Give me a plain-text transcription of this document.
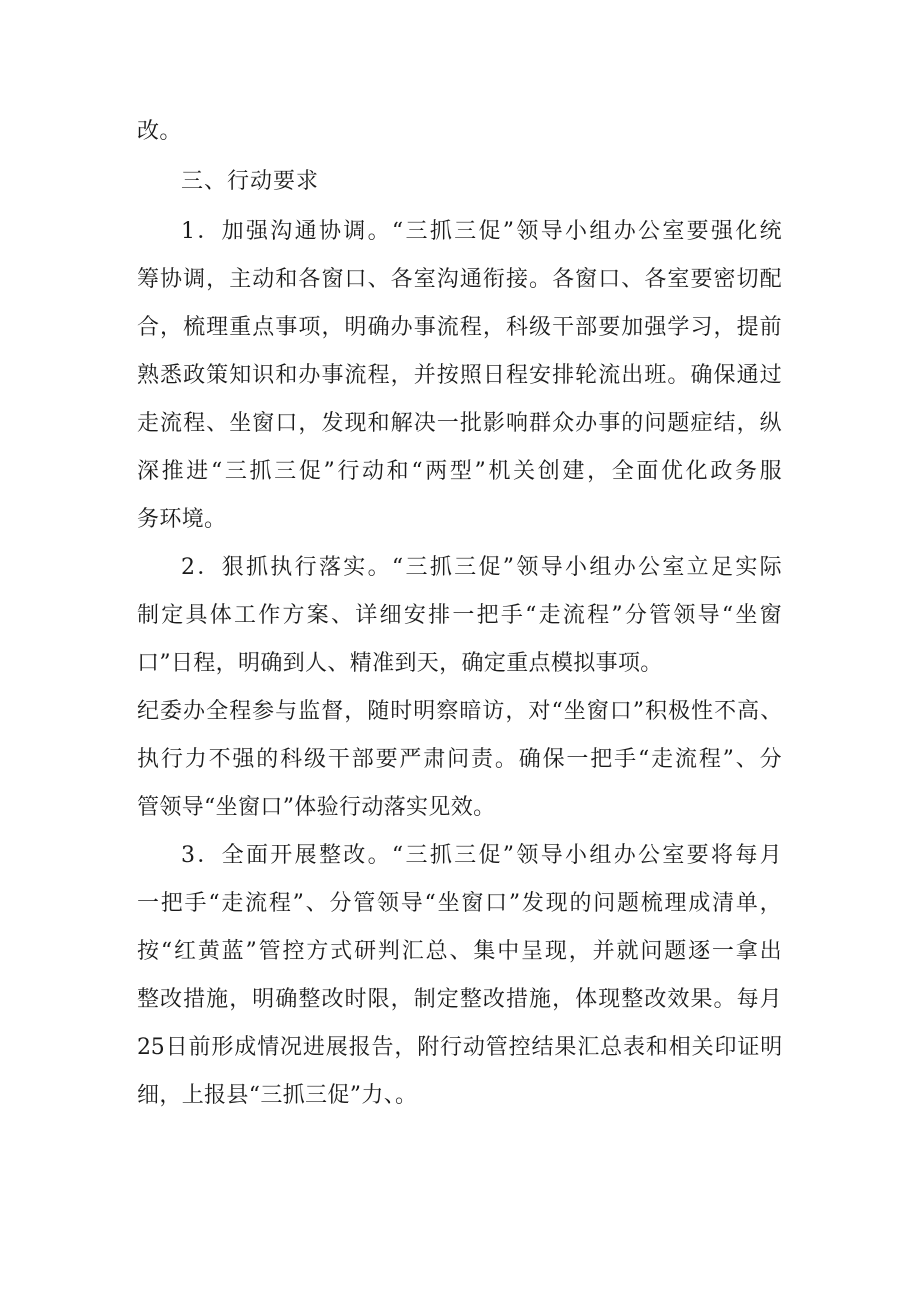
改。
三、行动要求
1．加强沟通协调。“三抓三促”领导小组办公室要强化统
筹协调，主动和各窗口、各室沟通衔接。各窗口、各室要密切配
合，梳理重点事项，明确办事流程，科级干部要加强学习，提前
熟悉政策知识和办事流程，并按照日程安排轮流出班。确保通过
走流程、坐窗口，发现和解决一批影响群众办事的问题症结，纵
深推进“三抓三促”行动和“两型”机关创建，全面优化政务服
务环境。
2．狠抓执行落实。“三抓三促”领导小组办公室立足实际
制定具体工作方案、详细安排一把手“走流程”分管领导“坐窗
口”日程，明确到人、精准到天，确定重点模拟事项。
纪委办全程参与监督，随时明察暗访，对“坐窗口”积极性不高、
执行力不强的科级干部要严肃问责。确保一把手“走流程”、分
管领导“坐窗口”体验行动落实见效。
3．全面开展整改。“三抓三促”领导小组办公室要将每月
一把手“走流程”、分管领导“坐窗口”发现的问题梳理成清单，
按“红黄蓝”管控方式研判汇总、集中呈现，并就问题逐一拿出
整改措施，明确整改时限，制定整改措施，体现整改效果。每月
25日前形成情况进展报告，附行动管控结果汇总表和相关印证明
细，上报县“三抓三促”力、。
